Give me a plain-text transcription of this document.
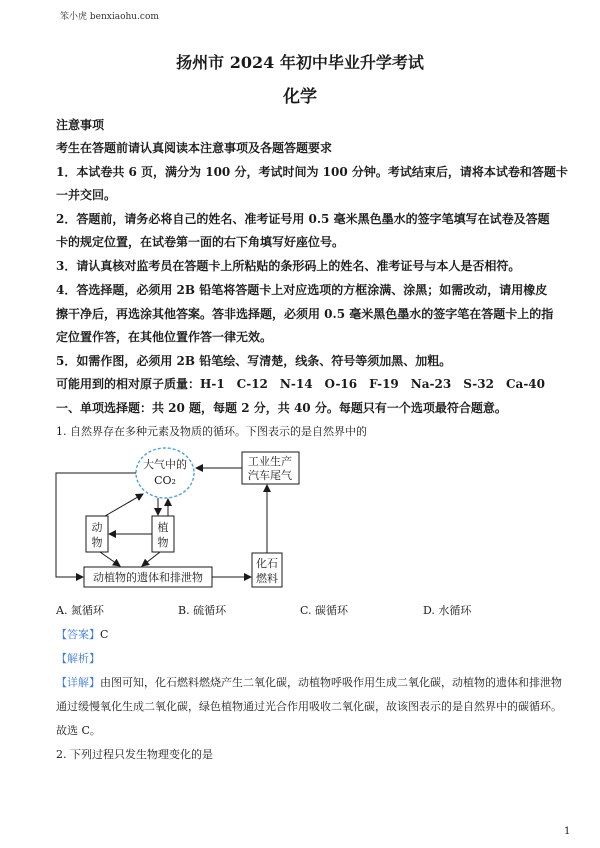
笨小虎 benxiaohu.com
扬州市 2024 年初中毕业升学考试
化学
注意事项
考生在答题前请认真阅读本注意事项及各题答题要求
1．本试卷共 6 页，满分为 100 分，考试时间为 100 分钟。考试结束后，请将本试卷和答题卡
一并交回。
2．答题前，请务必将自己的姓名、准考证号用 0.5 毫米黑色墨水的签字笔填写在试卷及答题
卡的规定位置，在试卷第一面的右下角填写好座位号。
3．请认真核对监考员在答题卡上所粘贴的条形码上的姓名、准考证号与本人是否相符。
4．答选择题，必须用 2B 铅笔将答题卡上对应选项的方框涂满、涂黑；如需改动，请用橡皮
擦干净后，再选涂其他答案。答非选择题，必须用 0.5 毫米黑色墨水的签字笔在答题卡上的指
定位置作答，在其他位置作答一律无效。
5．如需作图，必须用 2B 铅笔绘、写清楚，线条、符号等须加黑、加粗。
可能用到的相对原子质量：H-1　C-12　N-14　O-16　F-19　Na-23　S-32　Ca-40
一、单项选择题：共 20 题，每题 2 分，共 40 分。每题只有一个选项最符合题意。
1. 自然界存在多种元素及物质的循环。下图表示的是自然界中的
大气中的
CO₂
工业生产
汽车尾气
动
物
植
物
动植物的遗体和排泄物
化石
燃料
A. 氮循环	B. 硫循环	C. 碳循环	D. 水循环
【答案】C
【解析】
【详解】由图可知，化石燃料燃烧产生二氧化碳，动植物呼吸作用生成二氧化碳，动植物的遗体和排泄物
通过缓慢氧化生成二氧化碳，绿色植物通过光合作用吸收二氧化碳，故该图表示的是自然界中的碳循环。
故选 C。
2. 下列过程只发生物理变化的是
1
